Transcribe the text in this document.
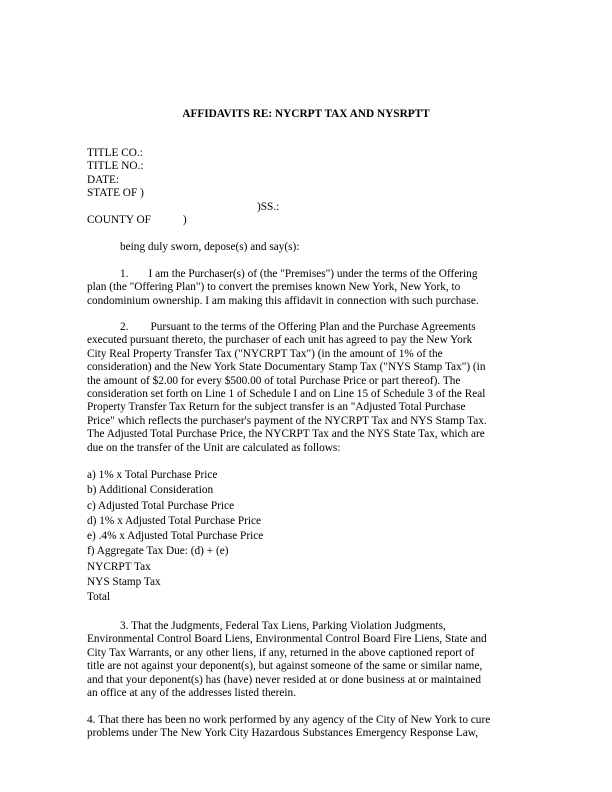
AFFIDAVITS RE: NYCRPT TAX AND NYSRPTT
TITLE CO.:
TITLE NO.:
DATE:
STATE OF )
)SS.:
COUNTY OF	)
being duly sworn, depose(s) and say(s):
1. I am the Purchaser(s) of (the "Premises") under the terms of the Offering
plan (the "Offering Plan") to convert the premises known New York, New York, to
condominium ownership. I am making this affidavit in connection with such purchase.
2. Pursuant to the terms of the Offering Plan and the Purchase Agreements
executed pursuant thereto, the purchaser of each unit has agreed to pay the New York
City Real Property Transfer Tax ("NYCRPT Tax") (in the amount of 1% of the
consideration) and the New York State Documentary Stamp Tax ("NYS Stamp Tax") (in
the amount of $2.00 for every $500.00 of total Purchase Price or part thereof). The
consideration set forth on Line 1 of Schedule I and on Line 15 of Schedule 3 of the Real
Property Transfer Tax Return for the subject transfer is an "Adjusted Total Purchase
Price" which reflects the purchaser's payment of the NYCRPT Tax and NYS Stamp Tax.
The Adjusted Total Purchase Price, the NYCRPT Tax and the NYS State Tax, which are
due on the transfer of the Unit are calculated as follows:
a) 1% x Total Purchase Price
b) Additional Consideration
c) Adjusted Total Purchase Price
d) 1% x Adjusted Total Purchase Price
e) .4% x Adjusted Total Purchase Price
f) Aggregate Tax Due: (d) + (e)
NYCRPT Tax
NYS Stamp Tax
Total
3. That the Judgments, Federal Tax Liens, Parking Violation Judgments,
Environmental Control Board Liens, Environmental Control Board Fire Liens, State and
City Tax Warrants, or any other liens, if any, returned in the above captioned report of
title are not against your deponent(s), but against someone of the same or similar name,
and that your deponent(s) has (have) never resided at or done business at or maintained
an office at any of the addresses listed therein.
4. That there has been no work performed by any agency of the City of New York to cure
problems under The New York City Hazardous Substances Emergency Response Law,
